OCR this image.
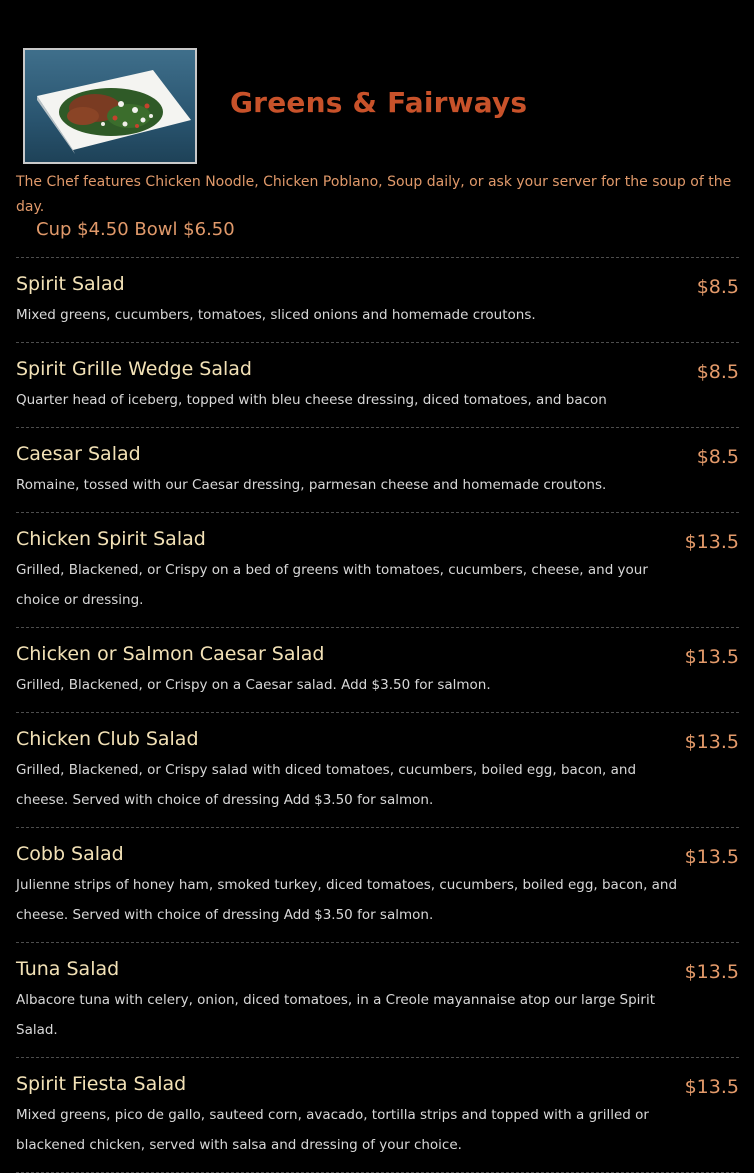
Greens & Fairways
The Chef features Chicken Noodle, Chicken Poblano, Soup daily, or ask your server for the soup of the day.
Cup $4.50 Bowl $6.50
Spirit Salad	$8.5
Mixed greens, cucumbers, tomatoes, sliced onions and homemade croutons.
Spirit Grille Wedge Salad	$8.5
Quarter head of iceberg, topped with bleu cheese dressing, diced tomatoes, and bacon
Caesar Salad	$8.5
Romaine, tossed with our Caesar dressing, parmesan cheese and homemade croutons.
Chicken Spirit Salad	$13.5
Grilled, Blackened, or Crispy on a bed of greens with tomatoes, cucumbers, cheese, and your choice or dressing.
Chicken or Salmon Caesar Salad	$13.5
Grilled, Blackened, or Crispy on a Caesar salad. Add $3.50 for salmon.
Chicken Club Salad	$13.5
Grilled, Blackened, or Crispy salad with diced tomatoes, cucumbers, boiled egg, bacon, and cheese. Served with choice of dressing Add $3.50 for salmon.
Cobb Salad	$13.5
Julienne strips of honey ham, smoked turkey, diced tomatoes, cucumbers, boiled egg, bacon, and cheese. Served with choice of dressing Add $3.50 for salmon.
Tuna Salad	$13.5
Albacore tuna with celery, onion, diced tomatoes, in a Creole mayannaise atop our large Spirit Salad.
Spirit Fiesta Salad	$13.5
Mixed greens, pico de gallo, sauteed corn, avacado, tortilla strips and topped with a grilled or blackened chicken, served with salsa and dressing of your choice.
